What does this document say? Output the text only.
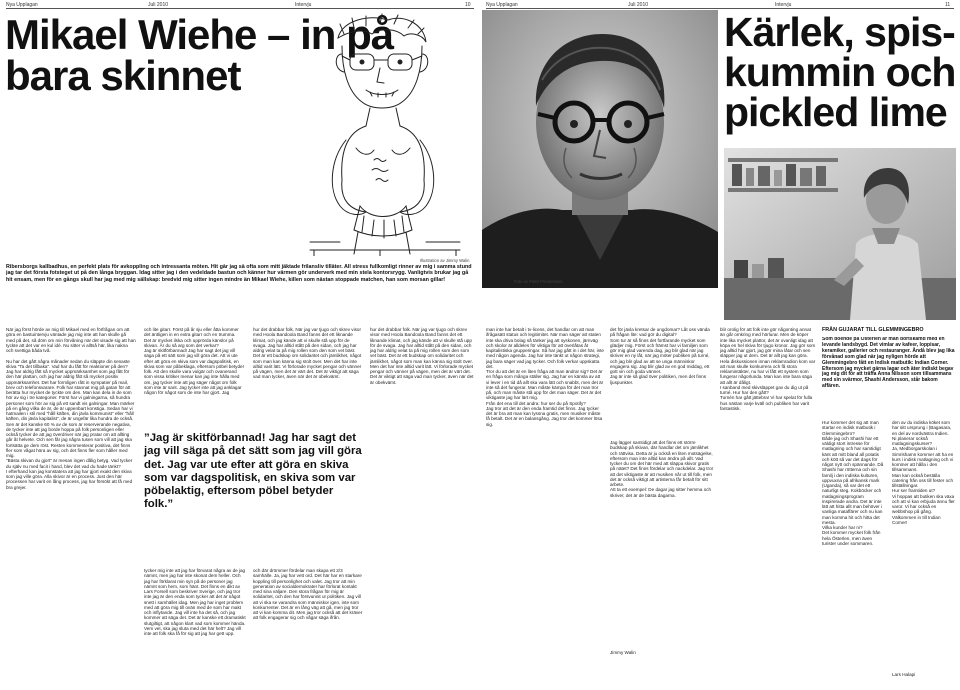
Nya Upplagan	Juli 2010	Intervju	10
Mikael Wiehe – in på
bara skinnet
Illustration av Jimmy Walin
Ribersborgs kallbadhus, en perfekt plats för avkoppling och intressanta möten. Hit går jag så ofta som mitt jäktade frilansliv tillåter. All stress fullkomligt rinner av mig i samma stund jag tar det första fotsteget ut på den långa bryggan. Idag sitter jag i den vedeldade bastun och känner hur värmen gör underverk med min stela kontorsrygg. Vanligtvis brukar jag gå hit ensam, men för en gångs skull har jag med mig sällskap: bredvid mig sitter ingen mindre än Mikael Wiehe, killen som nästan stoppade matchen, han som morsan gillar!
När jag först hörde av mig till Mikael med en förfrågan om att göra en bastuintervju väntade jag mig inte att han skulle gå med på det, så döm om min förvåning när det visade sig att han tyckte att det var en kul idé. Nu sitter vi alltså här, lika nakna och svettiga båda två.

Nu har det gått några månader sedan du släppte din senaste skiva "Ta det tillbaka". Vad har du fått för reaktioner på den?
Jag har aldrig fått så mycket uppmärksamhet som jag fått för den här plattan, och jag har aldrig fått så mycket positiv uppmärksamhet. Det har formligen rått in sympatier på mail, brev och telefonsvarare. Folk har stannat mig på gatan för att berätta hur mycket de tyckte om den. Man kan dela in de som hör av sig i tre kategorier. Först har vi galningarna, så hundra personer som hör av sig på ett sandt vis galningar. Man märker på en gång vilka de är, de är uppenbart konstiga. Sedan har vi hatmailen i stil med "håll käften, din jävla kommunist" eller "håll käften, din jävla kapitalist", de är ungefär lika hundra de också. Sen är det kanske 60 % av de som är reserverande negativa, de tycker inte att jag borde hoppa på folk personligen eller också tycker de att jag överdriver när jag pratar om att allting går åt helvete. Och sen får jag några tusen som vill att jag ska fortsätta ge dem röst. Resten kommenterar positiva, det finns fler som vågat höra av sig, och det finns fler som håller med mig.
"Bästa skivan du gjort" är mesan ingen dålig betyg. Vad tycker du själv nu med facit i hand, blev det vad du hade tänkt?
I efterhand kan jag konstatera att jag har gjort exakt den skiva som jag ville göra. Alla skivor är en process. Just den här processen har varit en lång process, jag har försökt att få med bra grejer.
och lite gitarr. Först på år sju eller åtta kommer det äntligen in en extra gitarr och en trumma.
Det är mycket ilska och upprörda känslor på skivan. Är du så arg som det verkar?
Jag är skitförbannad! Jag har sagt det jag vill säga på ett sätt som jag vill göra det. Att vi ute efter att göra en skiva som var dagspolitisk, en skiva som var påbeklaga, eftersom pöbel betyder folk. Att den skulle vara vulgär och ovanerand som vissa kritiker menar kan jag inte hålla med om, jag tycker inte att jag säger något om folk som inte är sant. Jag tycker inte att jag anklagar någon för något som de inte har gjort. Jag
tycker mig inte att jag har förvarat några av de jag nämnt, men jag har inte skonat dem heller. Och jag har förklarat min syn på de personer jag nämnt som hem, som hänt. Det finns en dikt av Lars Forsell som beskriver Sverige, och jag tror inte jag är den enda som tycker att det är något snett i samhället idag. Men jag har inget problem med att göra mig till ovän med de som har makt och inflytande. Jag vill inte ha det så, och jag kommer att säga det. Det är kanske ett dramatiskt slutgiltigt, att någon klart vad som kommer hända. Vem vet, ska jag sluta med det här helt? Jag vill inte att folk ska få för sig att jag har gett upp.
hur det drabbar folk. När jag var tjugo och skrev visor med Hoola Bandoola Band fanns det ett liknande klimat, och jag kände att vi skulle stå upp för de svaga. Jag har alltid stått på den sidan, och jag har aldrig velat ta på mig rollen som den som vet bäst. Det är ett budskap om solidaritet och jämlikhet, något som man kan känna sig stolt över. Men det har inte alltid varit lätt. Vi förlorade mycket pengar och vänner på vägen, men det är värt det. Det är viktigt att säga vad man tycker, även när det är obekvämt.
”Jag är skitförbannad! Jag har sagt det jag vill säga på det sätt som jag vill göra det. Jag var ute efter att göra en skiva som var dagspolitisk, en skiva som var pöbelaktig, eftersom pöbel betyder folk.”
och där drömmer fördelar man skapa ett 2/3 samhälle. Ja, jag har vett ord. Det här har en starkare koppling till personlighet och valet. Jag tror att min generation av socialdemokrater har förlorat kontakt med sina väljare. Den stora frågan för mig är solidaritet, och den har försvunnit ur politiken. Jag vill att vi ska se varandra som människor igen, inte som konkurrenter. Det är en lång väg att gå, men jag tror att vi kan komma dit. Men jag tror också att det kräver att folk engagerar sig och vågar säga ifrån.
hur det drabbar folk. När jag var tjugo och skrev visor med Hoola Bandoola Band fanns det ett liknande klimat, och jag kände att vi skulle stå upp för de svaga. Jag har alltid stått på den sidan, och jag har aldrig velat ta på mig rollen som den som vet bäst. Det är ett budskap om solidaritet och jämlikhet, något som man kan känna sig stolt över. Men det har inte alltid varit lätt. Vi förlorade mycket pengar och vänner på vägen, men det är värt det. Det är viktigt att säga vad man tycker, även när det är obekvämt.
Nya Upplagan	Juli 2010	Intervju	11
Kärlek, spis-
kummin och
pickled lime
Foto av Peter Frennesson
man inte har betalt i tv-licens, det handlar om att man ifrågasätt status och legitimitet. När man säger att staten inte ska driva bolag så tänker jag att syskonen, järnväg och skolor är alldeles för viktiga för att överlåtas åt kapitalistiska grupperingar. Så har jag gått in i det här, inte med någon agenda. Jag har inte tänkt ut någon strategi, jag bara säger vad jag tycker. Och folk verkar uppskatta det.
Tror du att det är en liten fråga att man ändrar sig? Det är en fråga som många ställer sig. Jag har en känsla av att vi lever i en tid då allt ska vara lätt och snabbt, men det är inte så det fungerar. Man måste kämpa för det man tror på, och man måste stå upp för det man säger. Det är det viktigaste jag har lärt mig.
Från det ena till det andra: hur ser du på Spotify?
Jag tror att det är den enda framtid det finns. Jag tycker det är bra att man kan lyssna gratis, men musiker måste få betalt. Det är en balansgång. Jag tror det kommer lösa sig.
det för jävla kretsar de ungdomar? Låt oss vända på frågan lite: vad gör du digital?
Som tur är så finns det fortfarande mycket som glädjer mig. Först och främst har vi familjen som gör mig glad varenda dag, jag blir glad när jag skriver en ny låt, när jag möter publiken på turné, och jag blir glad av att se unga människor engagera sig. Jag blir glad av en god middag, ett gott vin och goda vänner.
Jag är inte så glad över politiken, men det finns ljuspunkter.
Jag lägger samtidigt att det finns ett större budskap på skivan, där handlar det om jämlikhet och rättvisa. Detta är ju också en liten motsägelse, eftersom man inte alltid kan ändra på allt. Vad tycker du om det här med att släppa skivor gratis på nätet? Det finns fördelar och nackdelar. Jag tror att det viktigaste är att musiken når ut till folk, men det är också viktigt att artisterna får betalt för sitt arbete.
Att ta ett exempel: De dagar jag sitter hemma och skriver, det är de bästa dagarna.
Jimmy Walin
blir orolig för att folk inte gör någonting annat än går omkring med hörlurar. Men de köper inte lika mycket plattor, det är ovanligt idag att köpa en hel skiva för tjugo kronor. Jag gör som jag alltid har gjort, jag gör mina låtar och sen släpper jag ut dem. Det är allt jag kan göra.
Hela diskussionen innan reklamradion kom var att man skulle konkurrera och få stora reklamintäkter, nu har vi fått ett system som fungerar någorlunda. Man kan inte bara säga att allt är dåligt.
I sanband med skivsläppet gav du dig ut på turné. Hur har den gått?
Turnén har gått jättebra! Vi har spelat för fulla hus nästan varje kväll och publiken har varit fantastisk.
FRÅN GUJARAT TILL GLEMMINGEBRO
Som boende på Österlen är man bortskämd med en levande landsbygd. Det vimlar av kafeer, loppisar, keramiker, gallerier och restauranger. Ändå blev jag lika förvånad som glad när jag nyligen hörde att Glemmingebro fått en Indisk matbutik: Indian Corner. Eftersom jag mycket gärna lagar och äter indiskt begav jag mig dit för att träffa Anna Nilsson som tillsammans med sin svärmor, Shashi Andersson, står bakom affären.
Hur kommer det sig att man startar en indisk matbutik i Glemmingebro?
Både jag och Shashi har ett väldigt stort intresse för matlagning och har samtidigt känt att mitt bland all potatis och kött så var det dags för något nytt och spännande. Då Shashi har rötterna och sin familj i den indiska kulturen, uppvuxna på afrikansk mark (Uganda), så var det ett naturligt steg. Kokböcker och matlagningsprogram inspirerade andra. Det är inte lätt att hitta allt man behöver i vanliga mataffärer och nu kan man komma hit och hitta det mesta.
Vilka kunder har ni?
Det kommer mycket folk från hela Österlen, men även turister under sommaren.
den av du indiska köket som har sitt ursprung i (Bagasara, en del av nordvästra Indien.
Ni planerar också matlagningskurser?
Ja, Medborgarskolan i Simrishamn kommer att ha en kurs i indisk matlagning och vi kommer att hålla i den tillsammans.
Man kan också beställa catering från oss till fester och tillställningar.
Hur ser framtiden ut?
Vi hoppas att butiken ska växa och att vi kan erbjuda ännu fler varor. Vi har också en webbshop på gång.
Välkommen in till Indian Corner!
Lars Halapi
